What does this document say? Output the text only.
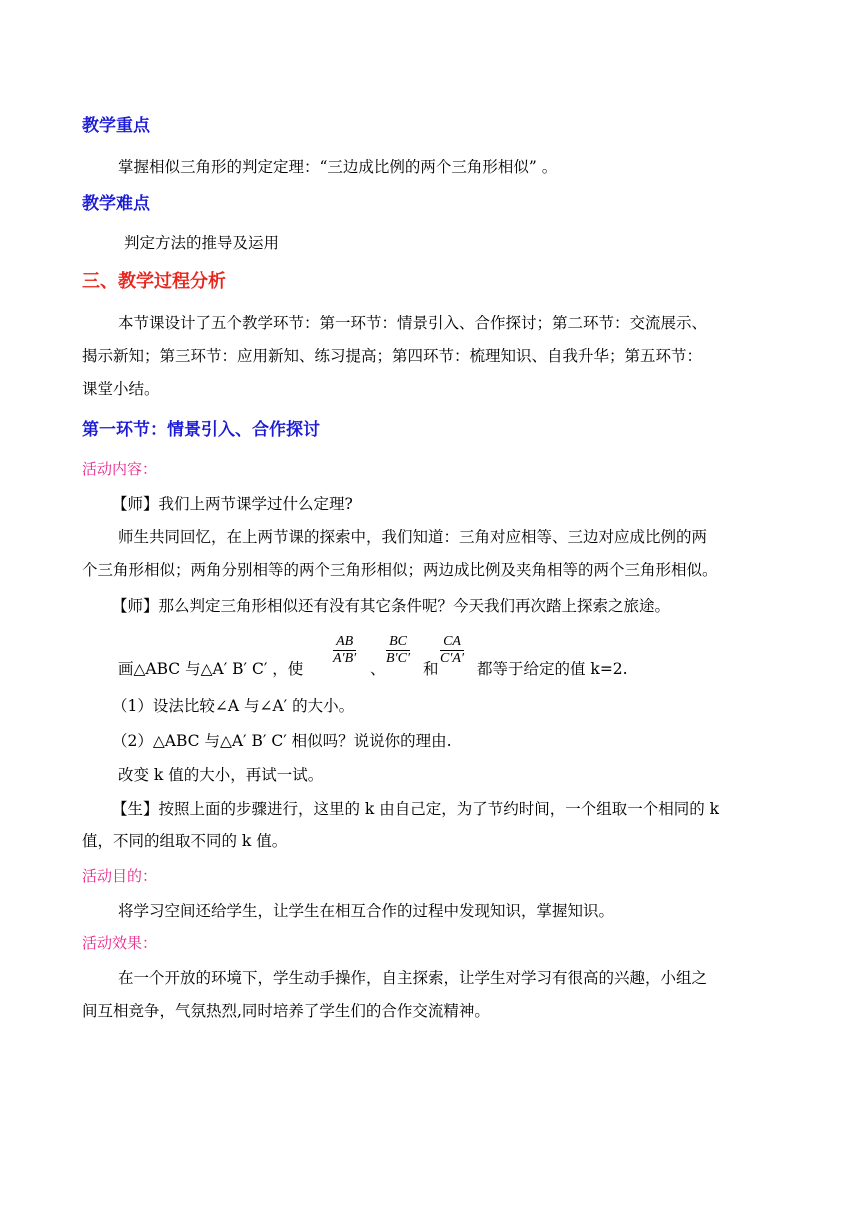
教学重点
掌握相似三角形的判定定理：“三边成比例的两个三角形相似” 。
教学难点
判定方法的推导及运用
三、教学过程分析
本节课设计了五个教学环节：第一环节：情景引入、合作探讨；第二环节：交流展示、
揭示新知；第三环节：应用新知、练习提高；第四环节：梳理知识、自我升华；第五环节：
课堂小结。
第一环节：情景引入、合作探讨
活动内容：
【师】我们上两节课学过什么定理?
师生共同回忆，在上两节课的探索中，我们知道：三角对应相等、三边对应成比例的两
个三角形相似；两角分别相等的两个三角形相似；两边成比例及夹角相等的两个三角形相似。
【师】那么判定三角形相似还有没有其它条件呢？今天我们再次踏上探索之旅途。
画△ABC 与△A′ B′ C′ ，使
$\frac{AB}{A'B'}$
、
$\frac{BC}{B'C'}$
和
$\frac{CA}{C'A'}$
都等于给定的值 k=2.
（1）设法比较∠A 与∠A′ 的大小。
（2）△ABC 与△A′ B′ C′ 相似吗？说说你的理由.
改变 k 值的大小，再试一试。
【生】按照上面的步骤进行，这里的 k 由自己定，为了节约时间，一个组取一个相同的 k
值，不同的组取不同的 k 值。
活动目的：
将学习空间还给学生，让学生在相互合作的过程中发现知识，掌握知识。
活动效果：
在一个开放的环境下，学生动手操作，自主探索，让学生对学习有很高的兴趣，小组之
间互相竞争，气氛热烈,同时培养了学生们的合作交流精神。
